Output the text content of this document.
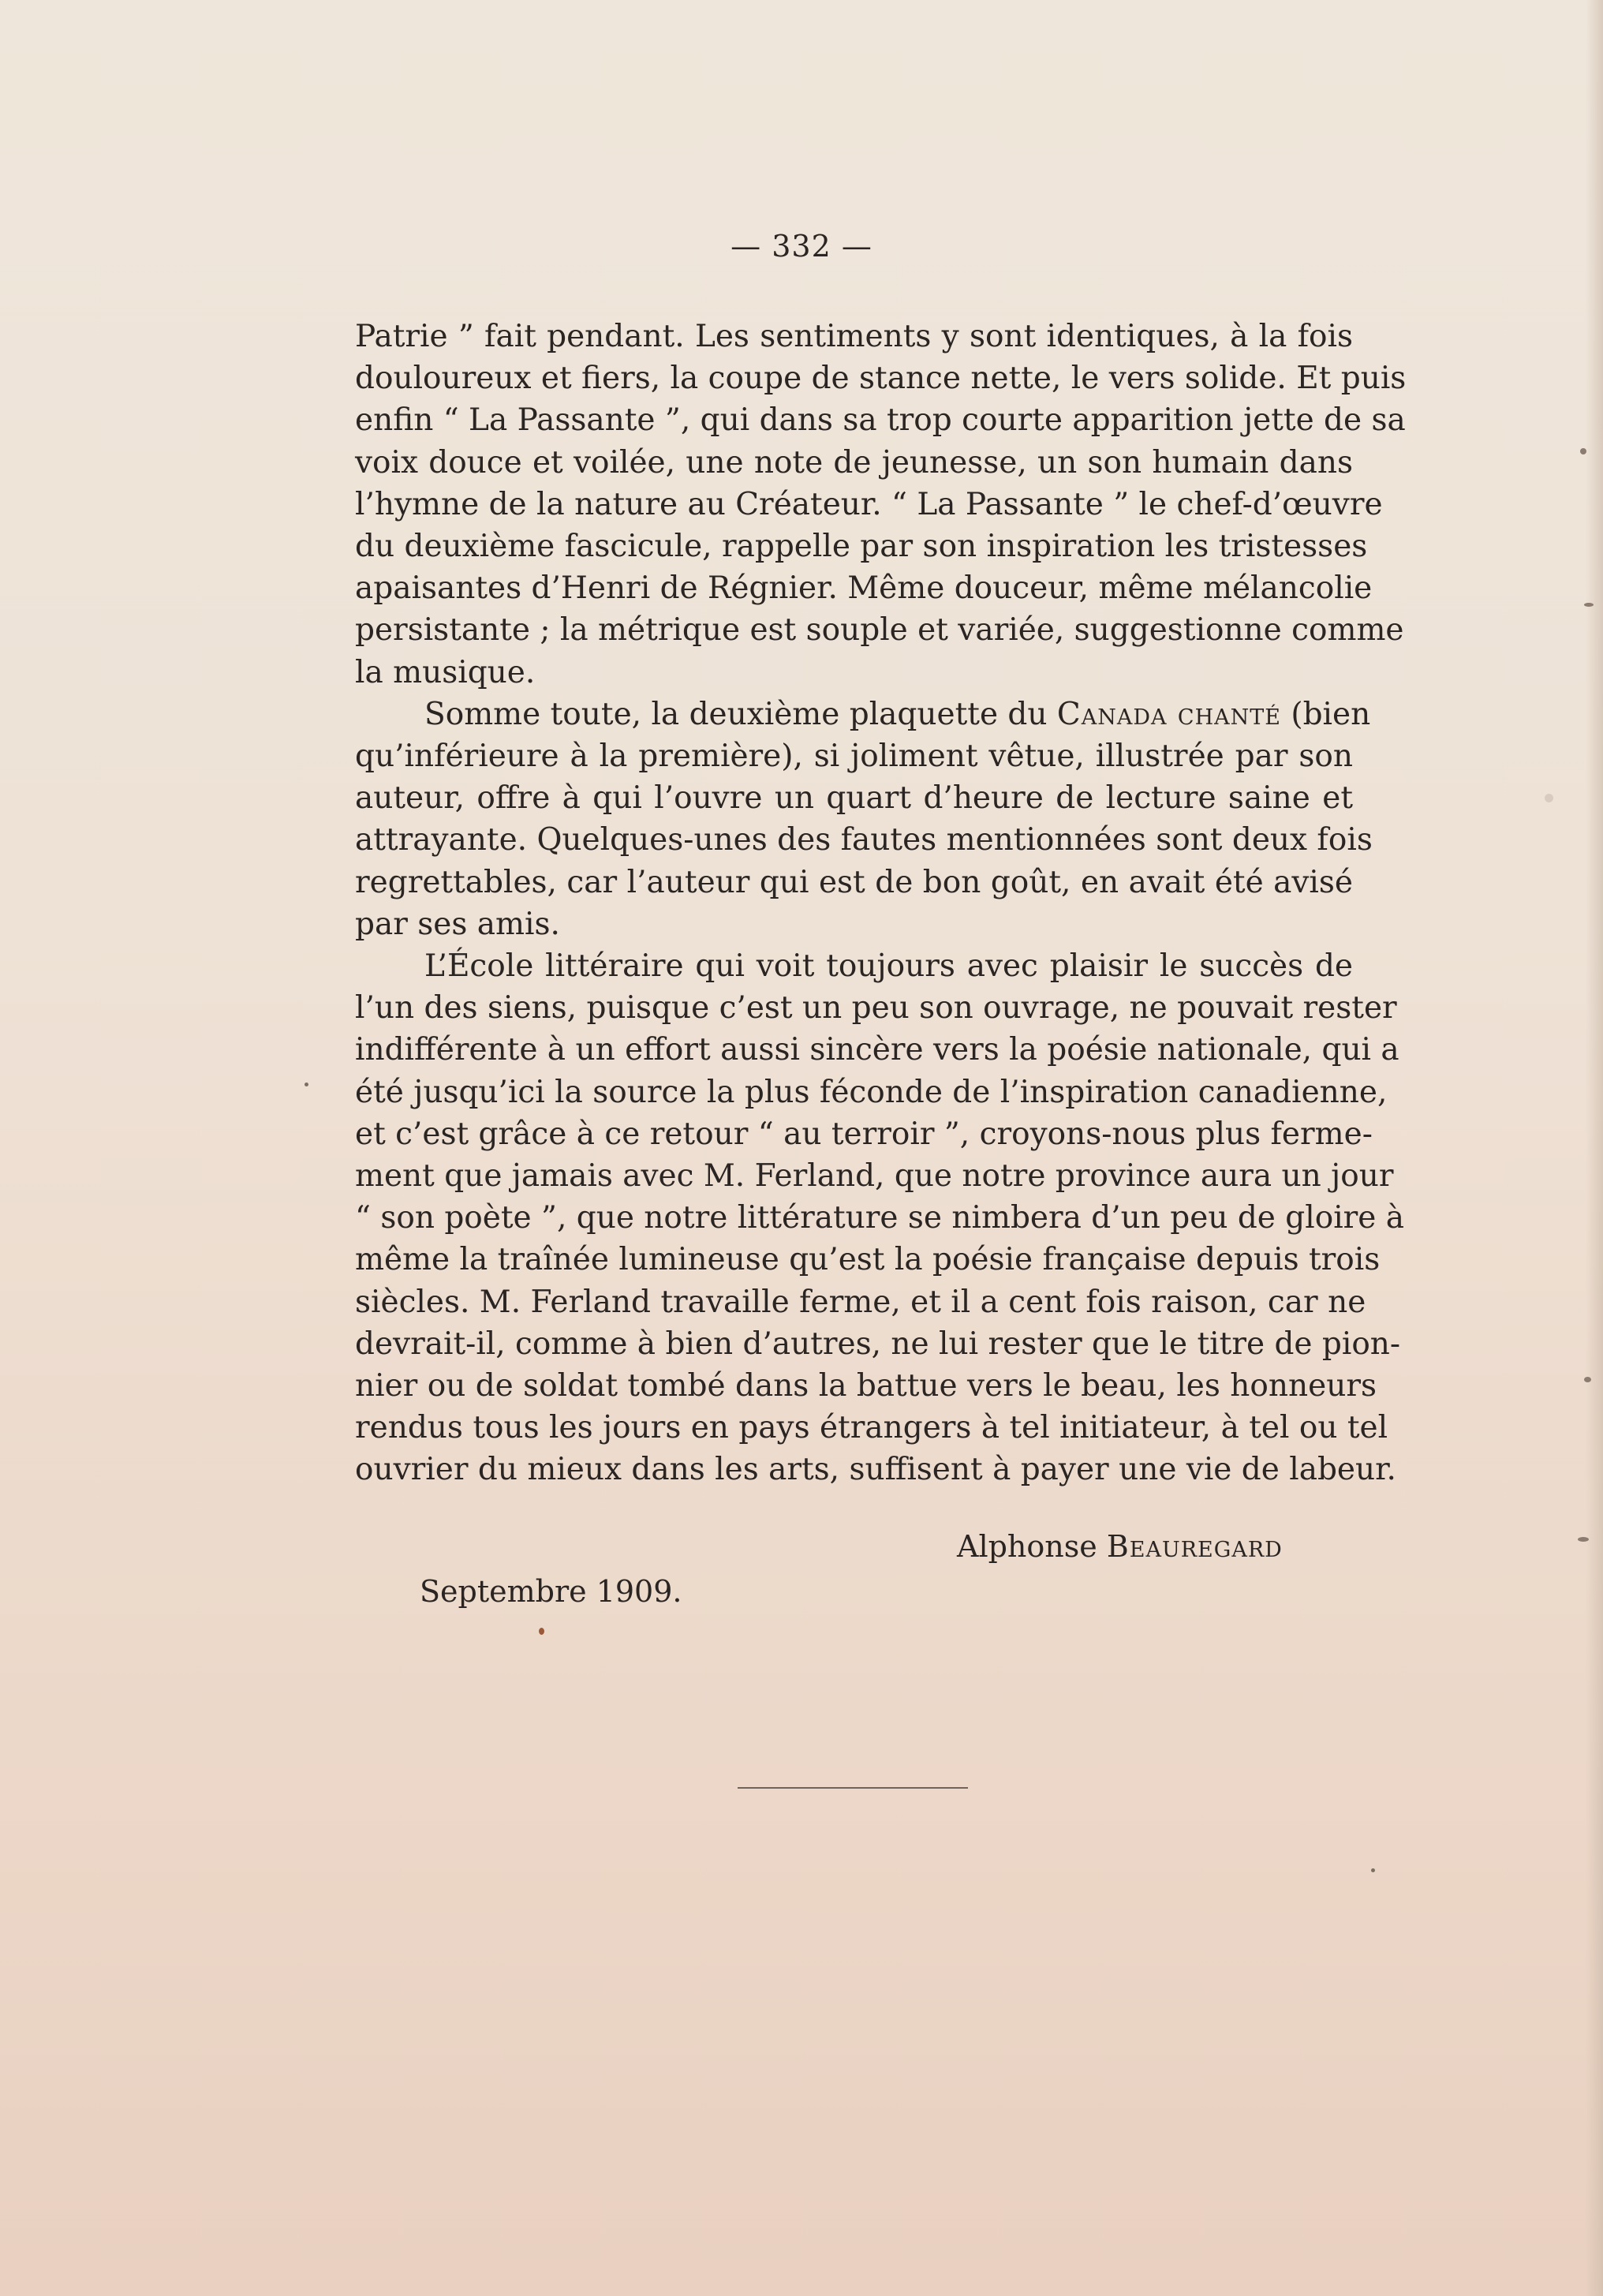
— 332 —
Patrie ” fait pendant. Les sentiments y sont identiques, à la fois
douloureux et fiers, la coupe de stance nette, le vers solide. Et puis
enfin “ La Passante ”, qui dans sa trop courte apparition jette de sa
voix douce et voilée, une note de jeunesse, un son humain dans
l’hymne de la nature au Créateur. “ La Passante ” le chef-d’œuvre
du deuxième fascicule, rappelle par son inspiration les tristesses
apaisantes d’Henri de Régnier. Même douceur, même mélancolie
persistante ; la métrique est souple et variée, suggestionne comme
la musique.
Somme toute, la deuxième plaquette du Canada chanté (bien
qu’inférieure à la première), si joliment vêtue, illustrée par son
auteur, offre à qui l’ouvre un quart d’heure de lecture saine et
attrayante. Quelques-unes des fautes mentionnées sont deux fois
regrettables, car l’auteur qui est de bon goût, en avait été avisé
par ses amis.
L’École littéraire qui voit toujours avec plaisir le succès de
l’un des siens, puisque c’est un peu son ouvrage, ne pouvait rester
indifférente à un effort aussi sincère vers la poésie nationale, qui a
été jusqu’ici la source la plus féconde de l’inspiration canadienne,
et c’est grâce à ce retour “ au terroir ”, croyons-nous plus ferme-
ment que jamais avec M. Ferland, que notre province aura un jour
“ son poète ”, que notre littérature se nimbera d’un peu de gloire à
même la traînée lumineuse qu’est la poésie française depuis trois
siècles. M. Ferland travaille ferme, et il a cent fois raison, car ne
devrait-il, comme à bien d’autres, ne lui rester que le titre de pion-
nier ou de soldat tombé dans la battue vers le beau, les honneurs
rendus tous les jours en pays étrangers à tel initiateur, à tel ou tel
ouvrier du mieux dans les arts, suffisent à payer une vie de labeur.
Alphonse Beauregard
Septembre 1909.
